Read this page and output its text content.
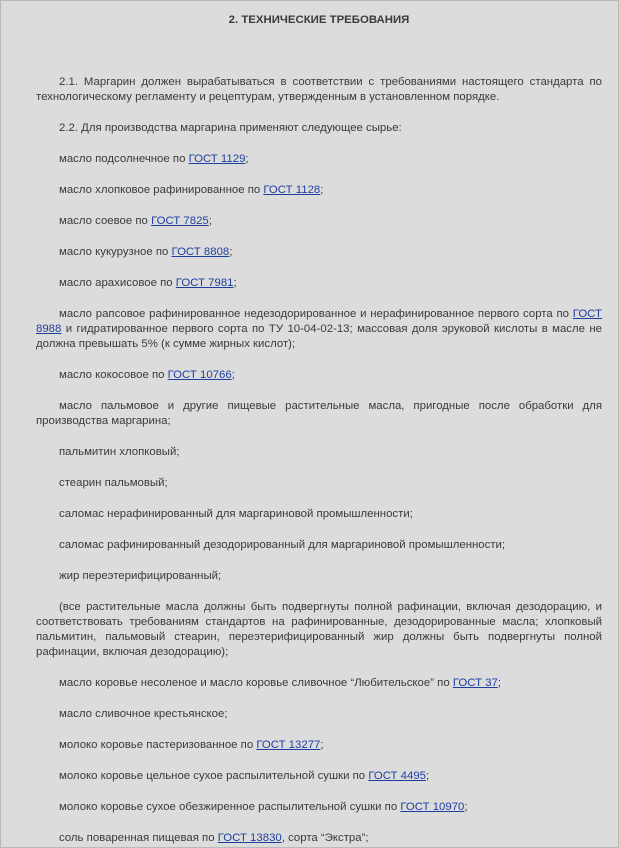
2. ТЕХНИЧЕСКИЕ ТРЕБОВАНИЯ

2.1. Маргарин должен вырабатываться в соответствии с требованиями настоящего стандарта по технологическому регламенту и рецептурам, утвержденным в установленном порядке.

2.2. Для производства маргарина применяют следующее сырье:

масло подсолнечное по ГОСТ 1129;

масло хлопковое рафинированное по ГОСТ 1128;

масло соевое по ГОСТ 7825;

масло кукурузное по ГОСТ 8808;

масло арахисовое по ГОСТ 7981;

масло рапсовое рафинированное недезодорированное и нерафинированное первого сорта по ГОСТ 8988 и гидратированное первого сорта по ТУ 10-04-02-13; массовая доля эруковой кислоты в масле не должна превышать 5% (к сумме жирных кислот);

масло кокосовое по ГОСТ 10766;

масло пальмовое и другие пищевые растительные масла, пригодные после обработки для производства маргарина;

пальмитин хлопковый;

стеарин пальмовый;

саломас нерафинированный для маргариновой промышленности;

саломас рафинированный дезодорированный для маргариновой промышленности;

жир переэтерифицированный;

(все растительные масла должны быть подвергнуты полной рафинации, включая дезодорацию, и соответствовать требованиям стандартов на рафинированные, дезодорированные масла; хлопковый пальмитин, пальмовый стеарин, переэтерифицированный жир должны быть подвергнуты полной рафинации, включая дезодорацию);

масло коровье несоленое и масло коровье сливочное “Любительское” по ГОСТ 37;

масло сливочное крестьянское;

молоко коровье пастеризованное по ГОСТ 13277;

молоко коровье цельное сухое распылительной сушки по ГОСТ 4495;

молоко коровье сухое обезжиренное распылительной сушки по ГОСТ 10970;

соль поваренная пищевая по ГОСТ 13830, сорта “Экстра”;
